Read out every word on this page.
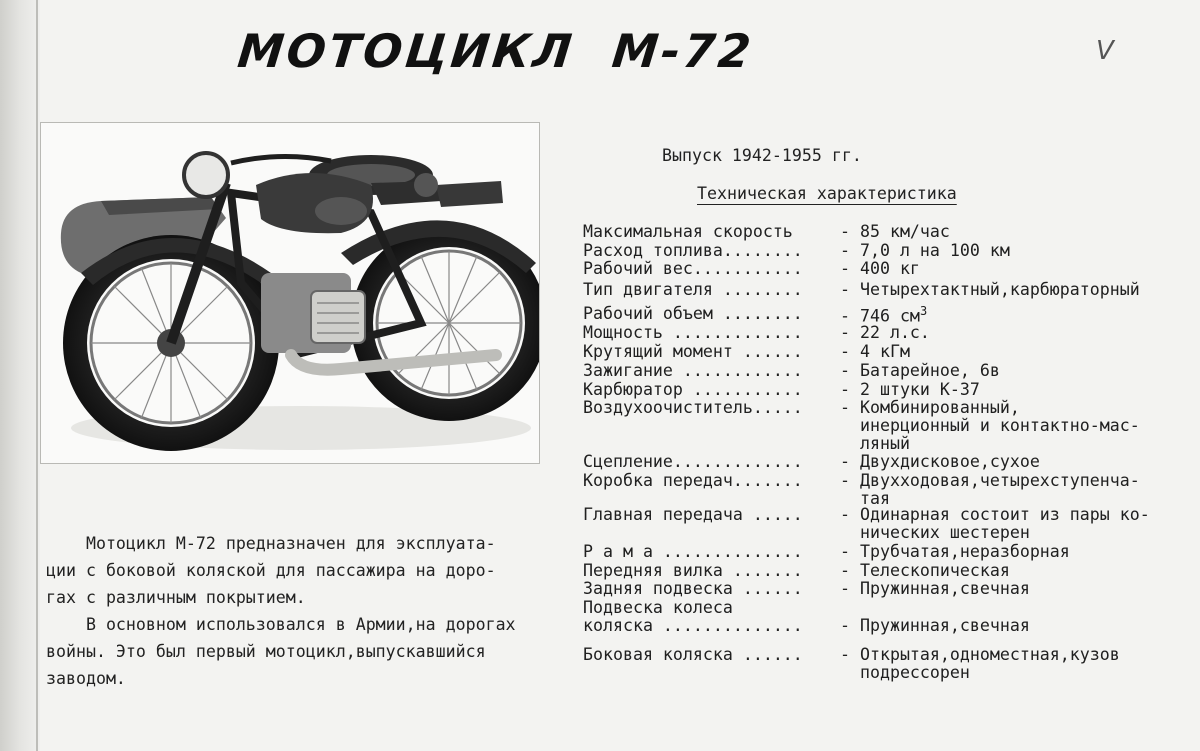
МОТОЦИКЛ  М-72	V
Выпуск 1942-1955 гг.
Техническая характеристика
Максимальная скорость	- 85 км/час
Расход топлива........ - 7,0 л на 100 км
Рабочий вес........... - 400 кг
Тип двигателя ........ - Четырехтактный,карбюраторный
Рабочий объем ........ - 746 $см^3$
Мощность ............. - 22 л.с.
Крутящий момент ...... - 4 кГм
Зажигание ............ - Батарейное, 6в
Карбюратор ........... - 2 штуки К-37
Воздухоочиститель..... - Комбинированный,
инерционный и контактно-мас-
ляный
Сцепление............. - Двухдисковое,сухое
Коробка передач....... - Двухходовая,четырехступенча-
тая
Главная передача ..... - Одинарная состоит из пары ко-
нических шестерен
Р а м а .............. - Трубчатая,неразборная
Передняя вилка ....... - Телескопическая
Задняя подвеска ...... - Пружинная,свечная
Подвеска колеса
коляска .............. - Пружинная,свечная
Боковая коляска ...... - Открытая,одноместная,кузов
подрессорен
Мотоцикл М-72 предназначен для эксплуата-
ции с боковой коляской для пассажира на доро-
гах с различным покрытием.
В основном использовался в Армии,на дорогах
войны. Это был первый мотоцикл,выпускавшийся
заводом.
